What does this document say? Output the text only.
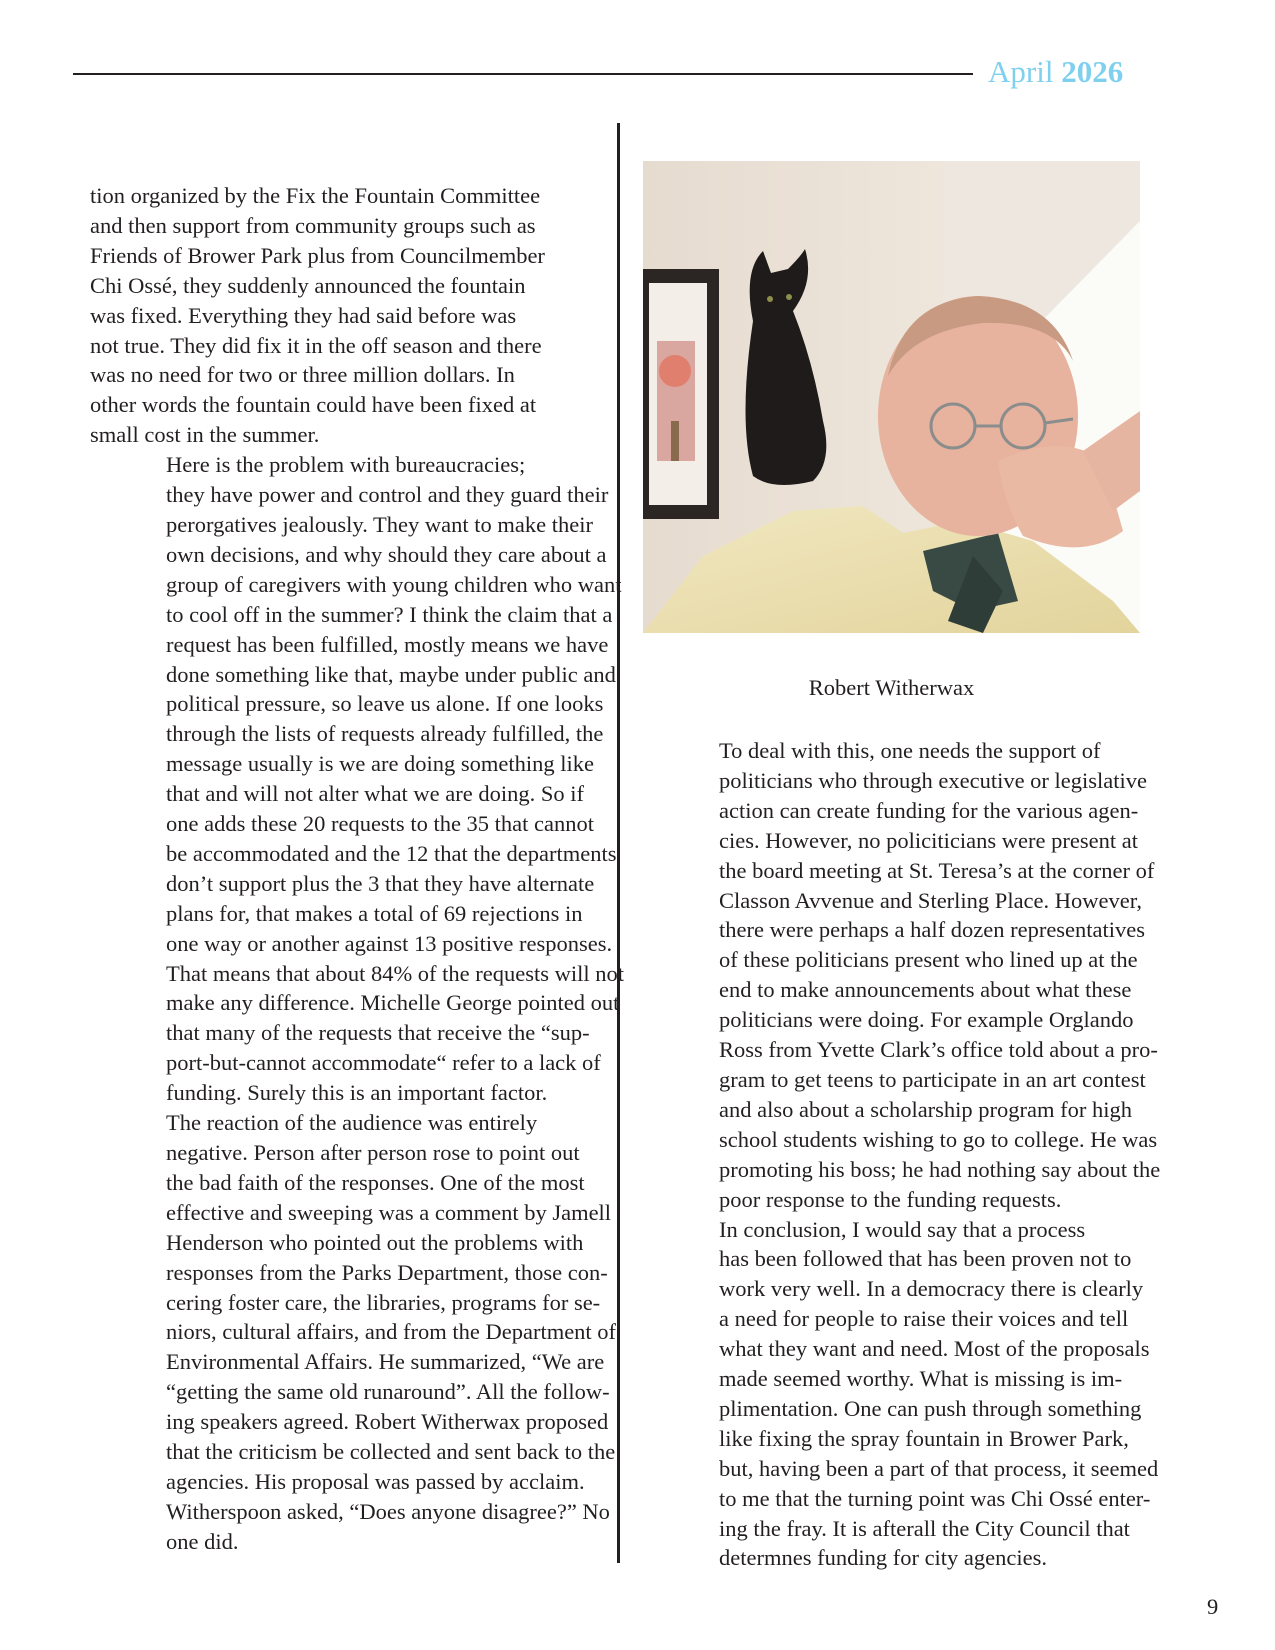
April 2026

tion organized by the Fix the Fountain Committee
and then support from community groups such as
Friends of Brower Park plus from Councilmember
Chi Ossé, they suddenly announced the fountain
was fixed. Everything they had said before was
not true. They did fix it in the off season and there
was no need for two or three million dollars. In
other words the fountain could have been fixed at
small cost in the summer.

Here is the problem with bureaucracies;
they have power and control and they guard their
perorgatives jealously. They want to make their
own decisions, and why should they care about a
group of caregivers with young children who want
to cool off in the summer? I think the claim that a
request has been fulfilled, mostly means we have
done something like that, maybe under public and
political pressure, so leave us alone. If one looks
through the lists of requests already fulfilled, the
message usually is we are doing something like
that and will not alter what we are doing. So if
one adds these 20 requests to the 35 that cannot
be accommodated and the 12 that the departments
don’t support plus the 3 that they have alternate
plans for, that makes a total of 69 rejections in
one way or another against 13 positive responses.
That means that about 84% of the requests will not
make any difference. Michelle George pointed out
that many of the requests that receive the “sup-
port-but-cannot accommodate“ refer to a lack of
funding. Surely this is an important factor.

The reaction of the audience was entirely
negative. Person after person rose to point out
the bad faith of the responses. One of the most
effective and sweeping was a comment by Jamell
Henderson who pointed out the problems with
responses from the Parks Department, those con-
cering foster care, the libraries, programs for se-
niors, cultural affairs, and from the Department of
Environmental Affairs. He summarized, “We are
“getting the same old runaround”. All the follow-
ing speakers agreed. Robert Witherwax proposed
that the criticism be collected and sent back to the
agencies. His proposal was passed by acclaim.
Witherspoon asked, “Does anyone disagree?” No
one did.

Robert Witherwax

To deal with this, one needs the support of
politicians who through executive or legislative
action can create funding for the various agen-
cies. However, no policiticians were present at
the board meeting at St. Teresa’s at the corner of
Classon Avvenue and Sterling Place. However,
there were perhaps a half dozen representatives
of these politicians present who lined up at the
end to make announcements about what these
politicians were doing. For example Orglando
Ross from Yvette Clark’s office told about a pro-
gram to get teens to participate in an art contest
and also about a scholarship program for high
school students wishing to go to college. He was
promoting his boss; he had nothing say about the
poor response to the funding requests.

In conclusion, I would say that a process
has been followed that has been proven not to
work very well. In a democracy there is clearly
a need for people to raise their voices and tell
what they want and need. Most of the proposals
made seemed worthy. What is missing is im-
plimentation. One can push through something
like fixing the spray fountain in Brower Park,
but, having been a part of that process, it seemed
to me that the turning point was Chi Ossé enter-
ing the fray. It is afterall the City Council that
determnes funding for city agencies.

9
